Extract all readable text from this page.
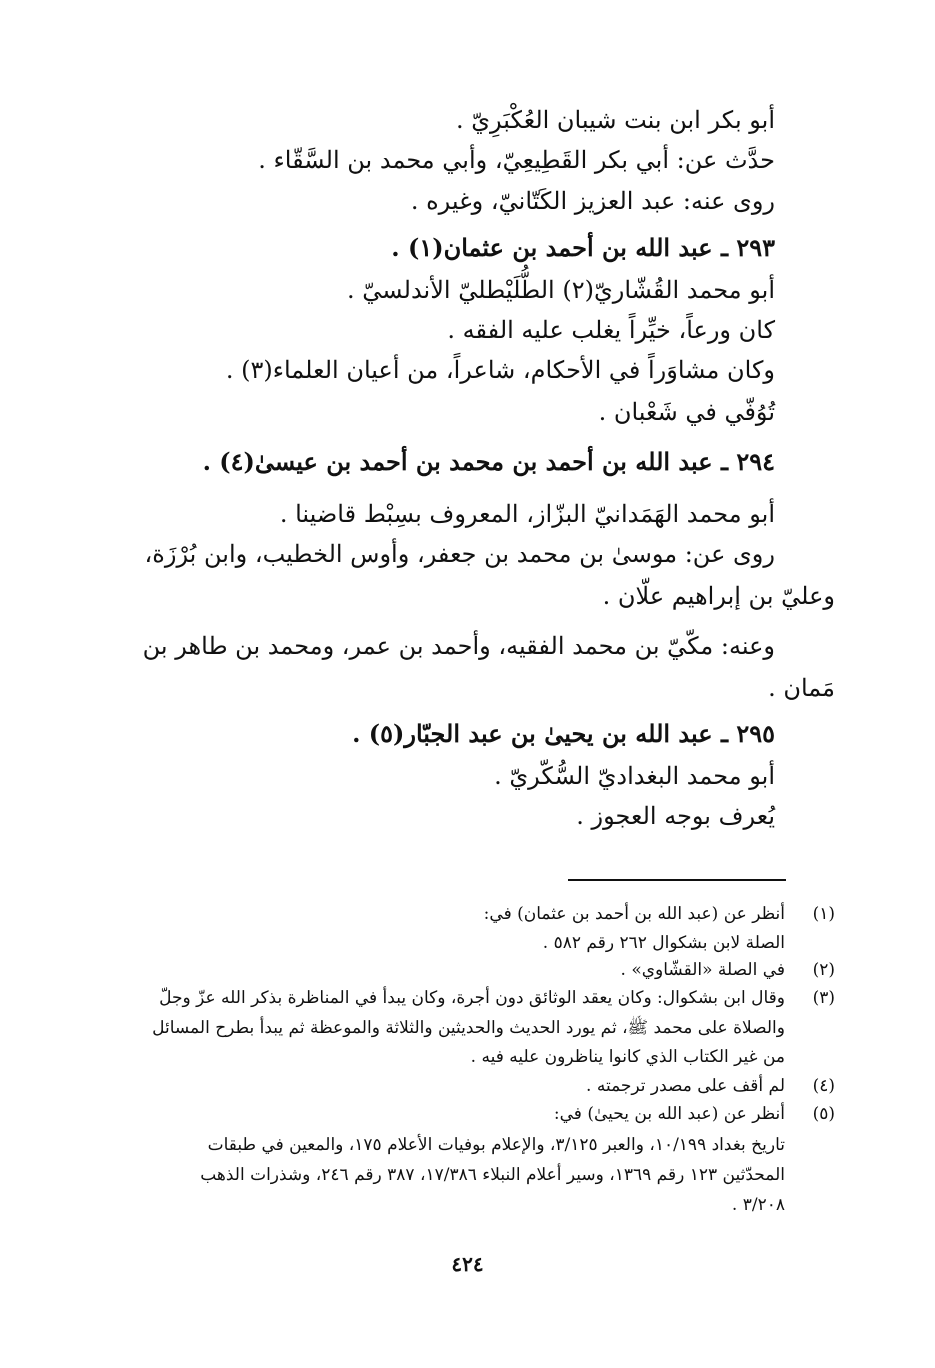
أبو بكر ابن بنت شيبان العُكْبَرِيّ .
حدَّث عن: أبي بكر القَطِيعِيّ، وأبي محمد بن السَّقّاء .
روى عنه: عبد العزيز الكَتّانيّ، وغيره .
٢٩٣ ـ عبد الله بن أحمد بن عثمان(١) .
أبو محمد القُشّاريّ(٢) الطُّلَيْطليّ الأندلسيّ .
كان ورعاً، خيِّراً يغلب عليه الفقه .
وكان مشاوَراً في الأحكام، شاعراً، من أعيان العلماء(٣) .
تُوُفّي في شَعْبان .
٢٩٤ ـ عبد الله بن أحمد بن محمد بن أحمد بن عيسىٰ(٤) .
أبو محمد الهَمَدانيّ البزّاز، المعروف بسِبْط قاضينا .
روى عن: موسىٰ بن محمد بن جعفر، وأوس الخطيب، وابن بُرْزَة،
وعليّ بن إبراهيم علّان .
وعنه: مكّيّ بن محمد الفقيه، وأحمد بن عمر، ومحمد بن طاهر بن
مَمان .
٢٩٥ ـ عبد الله بن يحيىٰ بن عبد الجبّار(٥) .
أبو محمد البغداديّ السُّكّريّ .
يُعرف بوجه العجوز .
(١)
أنظر عن (عبد الله بن أحمد بن عثمان) في:
الصلة لابن بشكوال ٢٦٢ رقم ٥٨٢ .
(٢)
في الصلة «القشّاوي» .
(٣)
وقال ابن بشكوال: وكان يعقد الوثائق دون أجرة، وكان يبدأ في المناظرة بذكر الله عزّ وجلّ
والصلاة على محمد ﷺ، ثم يورد الحديث والحديثين والثلاثة والموعظة ثم يبدأ بطرح المسائل
من غير الكتاب الذي كانوا يناظرون عليه فيه .
(٤)
لم أقف على مصدر ترجمته .
(٥)
أنظر عن (عبد الله بن يحيىٰ) في:
تاريخ بغداد ١٠/١٩٩، والعبر ٣/١٢٥، والإعلام بوفيات الأعلام ١٧٥، والمعين في طبقات
المحدّثين ١٢٣ رقم ١٣٦٩، وسير أعلام النبلاء ١٧/٣٨٦، ٣٨٧ رقم ٢٤٦، وشذرات الذهب
٣/٢٠٨ .
٤٢٤
